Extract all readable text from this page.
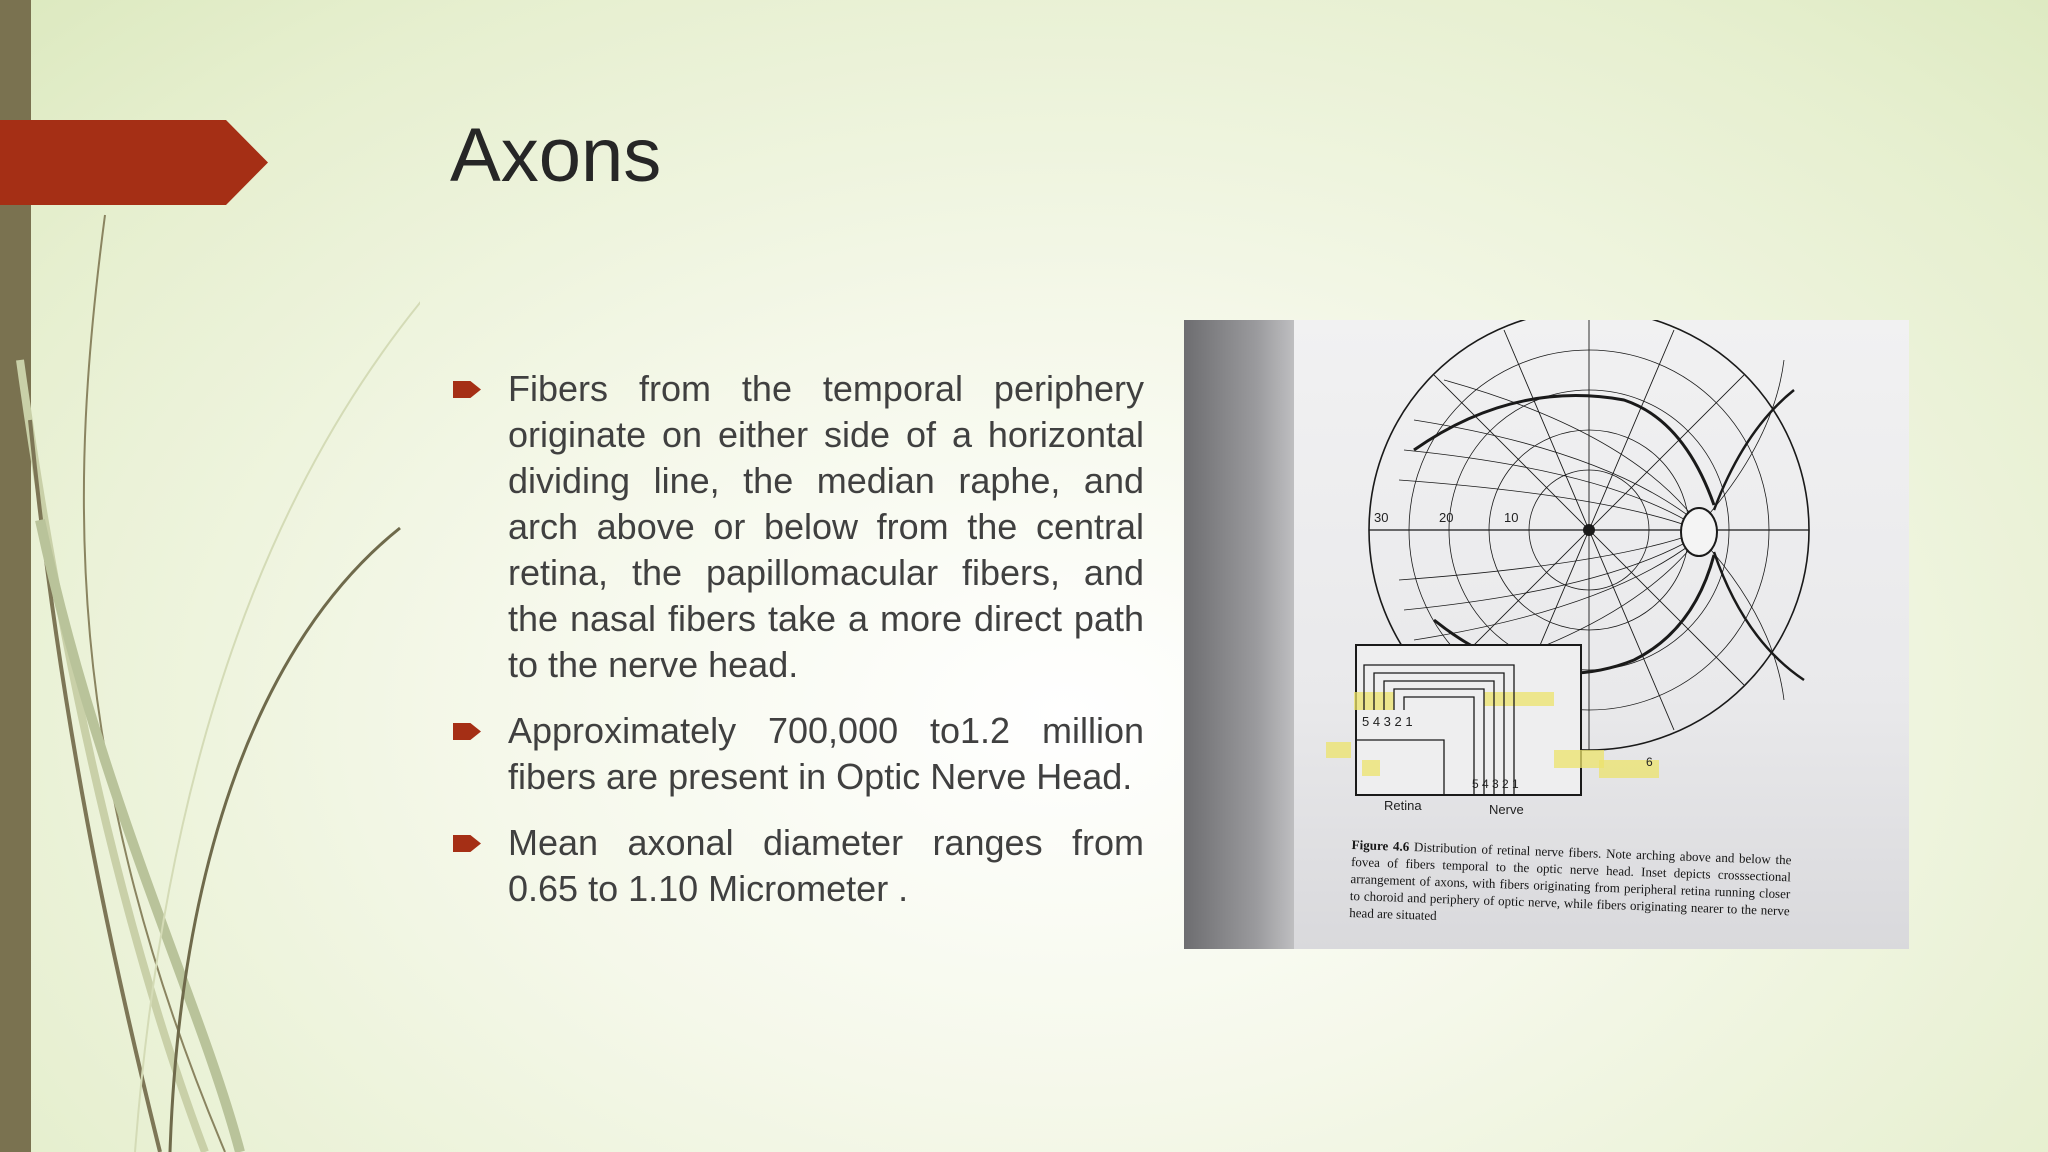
Axons
Fibers from the temporal periphery originate on either side of a horizontal dividing line, the median raphe, and arch above or below from the central retina, the papillomacular fibers, and the nasal fibers take a more direct path to the nerve head.
Approximately 700,000 to1.2 million fibers are present in Optic Nerve Head.
Mean axonal diameter ranges from 0.65 to 1.10 Micrometer .
30	20	10
5 4 3 2 1
5 4 3 2 1
6
Retina	Nerve
Figure 4.6 Distribution of retinal nerve fibers. Note arching above and below the fovea of fibers temporal to the optic nerve head. Inset depicts crosssectional arrangement of axons, with fibers originating from peripheral retina running closer to choroid and periphery of optic nerve, while fibers originating nearer to the nerve head are situated
